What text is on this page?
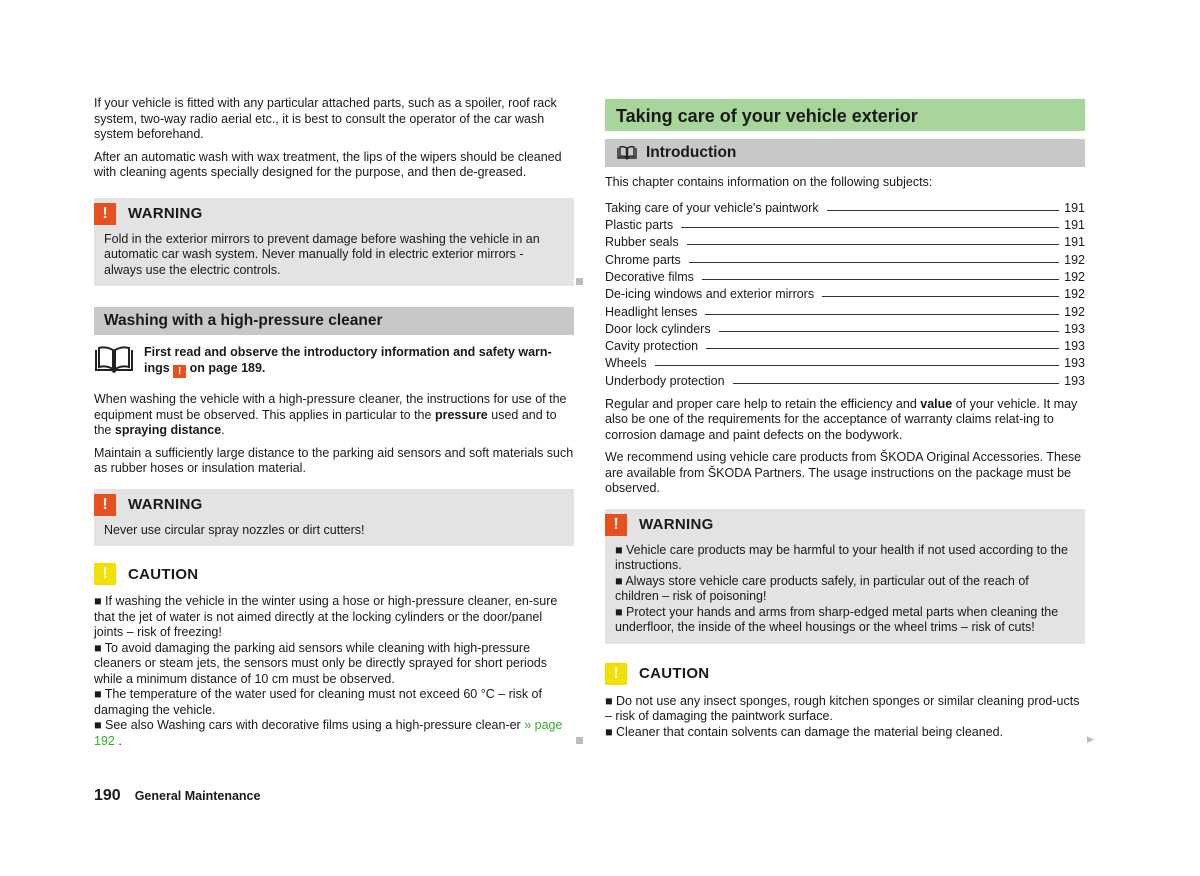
If your vehicle is fitted with any particular attached parts, such as a spoiler, roof rack system, two-way radio aerial etc., it is best to consult the operator of the car wash system beforehand.

After an automatic wash with wax treatment, the lips of the wipers should be cleaned with cleaning agents specially designed for the purpose, and then de-greased.

!	WARNING
Fold in the exterior mirrors to prevent damage before washing the vehicle in an automatic car wash system. Never manually fold in electric exterior mirrors - always use the electric controls.
Washing with a high-pressure cleaner
First read and observe the introductory information and safety warn-ings ! on page 189.

When washing the vehicle with a high-pressure cleaner, the instructions for use of the equipment must be observed. This applies in particular to the pressure used and to the spraying distance.

Maintain a sufficiently large distance to the parking aid sensors and soft materials such as rubber hoses or insulation material.

!	WARNING
Never use circular spray nozzles or dirt cutters!
!	CAUTION

■ If washing the vehicle in the winter using a hose or high-pressure cleaner, en-sure that the jet of water is not aimed directly at the locking cylinders or the door/panel joints – risk of freezing!

■ To avoid damaging the parking aid sensors while cleaning with high-pressure cleaners or steam jets, the sensors must only be directly sprayed for short periods while a minimum distance of 10 cm must be observed.

■ The temperature of the water used for cleaning must not exceed 60 °C – risk of damaging the vehicle.

■ See also Washing cars with decorative films using a high-pressure clean-er » page 192 .

Taking care of your vehicle exterior
Introduction

This chapter contains information on the following subjects:

Taking care of your vehicle's paintwork	191
Plastic parts	191
Rubber seals	191
Chrome parts	192
Decorative films	192
De-icing windows and exterior mirrors	192
Headlight lenses	192
Door lock cylinders	193
Cavity protection	193
Wheels	193
Underbody protection	193

Regular and proper care help to retain the efficiency and value of your vehicle. It may also be one of the requirements for the acceptance of warranty claims relat-ing to corrosion damage and paint defects on the bodywork.

We recommend using vehicle care products from ŠKODA Original Accessories. These are available from ŠKODA Partners. The usage instructions on the package must be observed.

!	WARNING

■ Vehicle care products may be harmful to your health if not used according to the instructions.

■ Always store vehicle care products safely, in particular out of the reach of children – risk of poisoning!

■ Protect your hands and arms from sharp-edged metal parts when cleaning the underfloor, the inside of the wheel housings or the wheel trims – risk of cuts!

!	CAUTION

■ Do not use any insect sponges, rough kitchen sponges or similar cleaning prod-ucts – risk of damaging the paintwork surface.

■ Cleaner that contain solvents can damage the material being cleaned.

▶
190 General Maintenance
